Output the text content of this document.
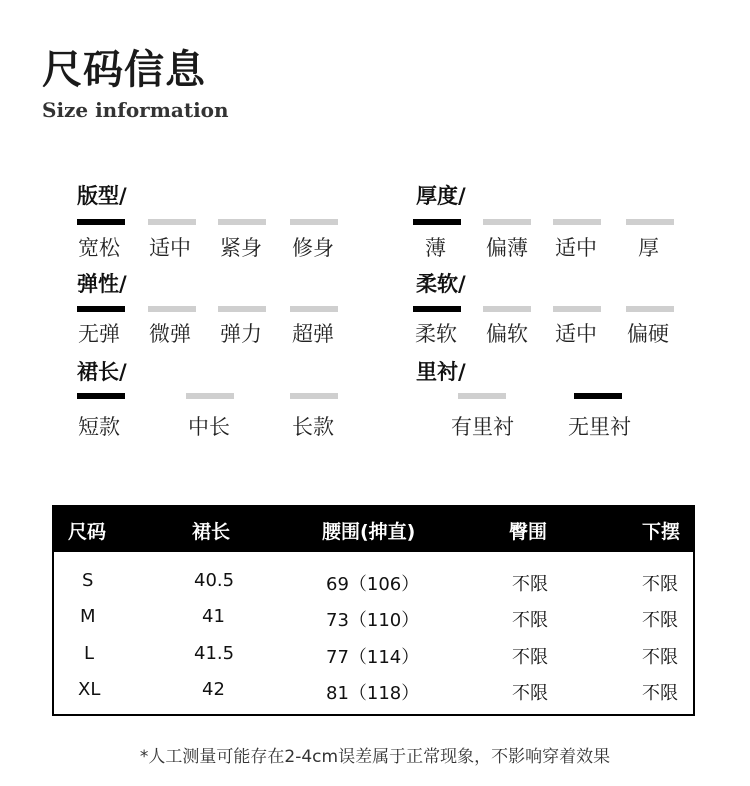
尺码信息
Size information
版型/
宽松 适中 紧身 修身
厚度/
薄 偏薄 适中 厚
弹性/
无弹 微弹 弹力 超弹
柔软/
柔软 偏软 适中 偏硬
裙长/
短款	中长	长款
里衬/
有里衬	无里衬
尺码	裙长	腰围(抻直)	臀围	下摆
S	40.5	69（106）	不限	不限
M	41	73（110）	不限	不限
L	41.5	77（114）	不限	不限
XL	42	81（118）	不限	不限
*人工测量可能存在2-4cm误差属于正常现象，不影响穿着效果
